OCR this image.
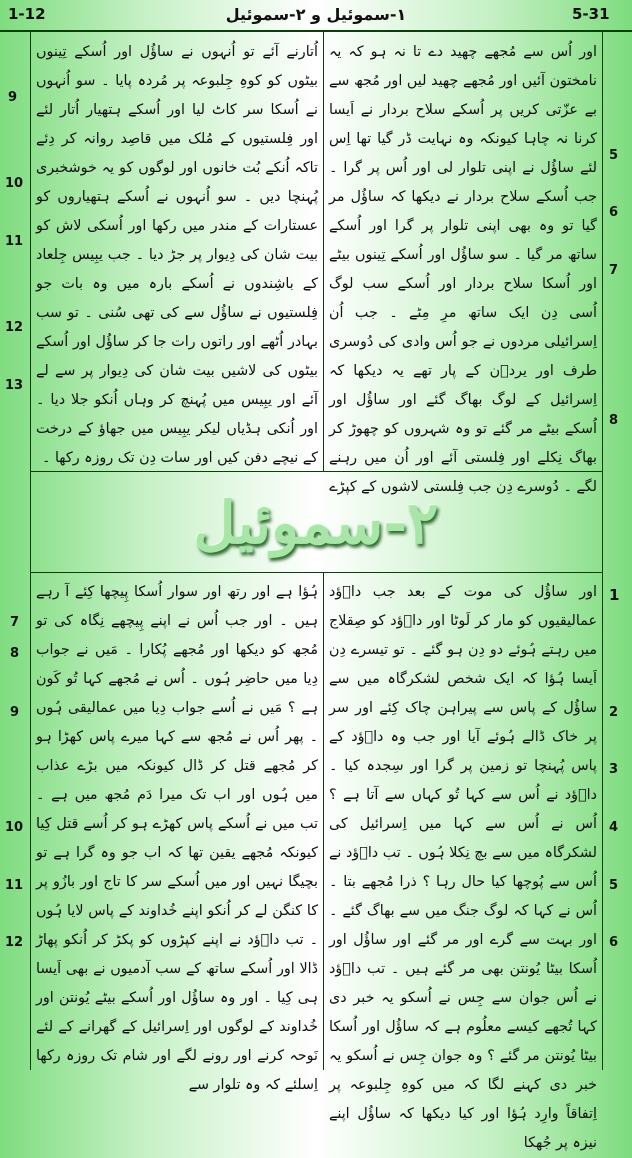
5-31
۱-سموئیل و ۲-سموئیل
1-12

اور اُس سے مُجھے چھید دے تا نہ ہو کہ یہ نامختون آئیں اور مُجھے چھید لیں اور مُجھ سے بے عزّتی کریں پر اُسکے سلاح بردار نے اَیسا کرنا نہ چاہا کیونکہ وہ نہایت ڈر گیا تھا اِس لئے ساؤُل نے اپنی تلوار لی اور اُس پر گرا ۔ جب اُسکے سلاح بردار نے دیکھا کہ ساؤُل مر گیا تو وہ بھی اپنی تلوار پر گرا اور اُسکے ساتھ مر گیا ۔ سو ساؤُل اور اُسکے تِینوں بیٹے اور اُسکا سلاح بردار اور اُسکے سب لوگ اُسی دِن ایک ساتھ مرِ مِٹے ۔ جب اُن اِسرائیلی مردوں نے جو اُس وادی کی دُوسری طرف اور یردؔن کے پار تھے یہ دیکھا کہ اِسرائیل کے لوگ بھاگ گئے اور ساؤُل اور اُسکے بیٹے مر گئے تو وہ شہروں کو چھوڑ کر بھاگ نِکلے اور فِلستی آئے اور اُن میں رہنے لگے ۔ دُوسرے دِن جب فِلستی لاشوں کے کپڑے

اُتارنے آئے تو اُنہوں نے ساؤُل اور اُسکے تِینوں بیٹوں کو کوہِ جِلبوعہ پر مُردہ پایا ۔ سو اُنہوں نے اُسکا سر کاٹ لیا اور اُسکے ہتھیار اُتار لئے اور فِلستیوں کے مُلک میں قاصِد روانہ کر دِئے تاکہ اُنکے بُت خانوں اور لوگوں کو یہ خوشخبری پُہنچا دیں ۔ سو اُنہوں نے اُسکے ہتھیاروں کو عستارات کے مندر میں رکھا اور اُسکی لاش کو بیت شان کی دِیوار پر جڑ دیا ۔ جب یبِیس جِلعاد کے باشِندوں نے اُسکے بارہ میں وہ بات جو فِلستیوں نے ساؤُل سے کی تھی سُنی ۔ تو سب بہادر اُٹھے اور راتوں رات جا کر ساؤُل اور اُسکے بیٹوں کی لاشیں بیت شان کی دِیوار پر سے لے آئے اور یبِیس میں پُہنچ کر وہاں اُنکو جلا دیا ۔ اور اُنکی ہڈیاں لیکر یبِیس میں جھاؤ کے درخت کے نیچے دفن کیں اور سات دِن تک روزہ رکھا ۔

5
6
7
8
9
10
11
12
13
۲-سموئیل

اور ساؤُل کی موت کے بعد جب داؔؤد عمالیقیوں کو مار کر لَوٹا اور داؔؤد کو صِقلاج میں رہتے ہُوئے دو دِن ہو گئے ۔ تو تیسرے دِن اَیسا ہُؤا کہ ایک شخص لشکرگاہ میں سے ساؤُل کے پاس سے پیراہن چاک کِئے اور سر پر خاک ڈالے ہُوئے آیا اور جب وہ داؔؤد کے پاس پُہنچا تو زمین پر گرا اور سِجدہ کیا ۔ داؔؤد نے اُس سے کہا تُو کہاں سے آتا ہے ؟ اُس نے اُس سے کہا میں اِسرائیل کی لشکرگاہ میں سے بچ نِکلا ہُوں ۔ تب داؔؤد نے اُس سے پُوچھا کیا حال رہا ؟ ذرا مُجھے بتا ۔ اُس نے کہا کہ لوگ جنگ میں سے بھاگ گئے ۔ اور بہت سے گرے اور مر گئے اور ساؤُل اور اُسکا بیٹا یُونتن بھی مر گئے ہیں ۔ تب داؔؤد نے اُس جوان سے جِس نے اُسکو یہ خبر دی کہا تُجھے کیسے معلُوم ہے کہ ساؤُل اور اُسکا بیٹا یُونتن مر گئے ؟ وہ جوان جِس نے اُسکو یہ خبر دی کہنے لگا کہ میں کوہِ جِلبوعہ پر اِتفاقاً وارِد ہُؤا اور کیا دیکھا کہ ساؤُل اپنے نیزہ پر جُھکا

ہُؤا ہے اور رتھ اور سوار اُسکا پِیچھا کِئے آ رہے ہیں ۔ اور جب اُس نے اپنے پِیچھے نِگاہ کی تو مُجھ کو دیکھا اور مُجھے پُکارا ۔ مَیں نے جواب دِیا میں حاضِر ہُوں ۔ اُس نے مُجھے کہا تُو کَون ہے ؟ مَیں نے اُسے جواب دِیا میں عمالیقی ہُوں ۔ پھر اُس نے مُجھ سے کہا میرے پاس کھڑا ہو کر مُجھے قتل کر ڈال کیونکہ میں بڑے عذاب میں ہُوں اور اب تک میرا دَم مُجھ میں ہے ۔ تب میں نے اُسکے پاس کھڑے ہو کر اُسے قتل کِیا کیونکہ مُجھے یقین تھا کہ اب جو وہ گرا ہے تو بچیگا نہیں اور میں اُسکے سر کا تاج اور بازُو پر کا کنگن لے کر اُنکو اپنے خُداوند کے پاس لایا ہُوں ۔ تب داؔؤد نے اپنے کپڑوں کو پکڑ کر اُنکو پھاڑ ڈالا اور اُسکے ساتھ کے سب آدمیوں نے بھی اَیسا ہی کِیا ۔ اور وہ ساؤُل اور اُسکے بیٹے یُونتن اور خُداوند کے لوگوں اور اِسرائیل کے گھرانے کے لئے نَوحہ کرنے اور رونے لگے اور شام تک روزہ رکھا اِسلئے کہ وہ تلوار سے

1
2
3
4
5
6
7
8
9
10
11
12
